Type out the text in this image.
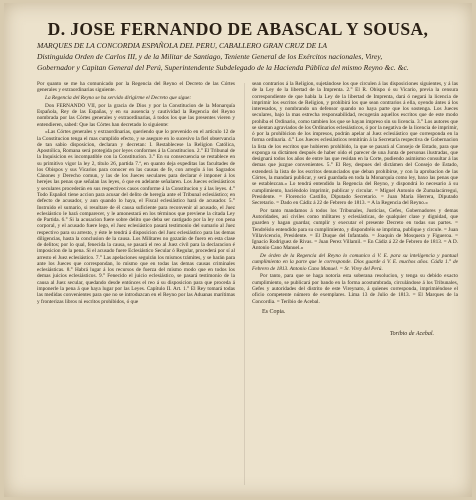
D. JOSE FERNANDO DE ABASCAL Y SOUSA,
MARQUES DE LA CONCORDIA ESPAÑOLA DEL PERU, CABALLERO GRAN CRUZ DE LA
Distinguida Orden de Carlos III, y de la Militar de Santiago, Teniente General de los Exércitos nacionales, Virey,
Gobernador y Capitan General del Perú, Superintendente Subdelegado de la Hacienda Pública del mismo Reyno &c. &c.

Por quanto se me ha comunicado por la Regencia del Reyno el Decreto de las Córtes generales y extraordinarias siguiente.

La Regencia del Reyno se ha servido dirigirme el Decreto que sigue:

Don FERNANDO VII, por la gracia de Dios y por la Constitucion de la Monarquía Española, Rey de las Españas, y en su ausencia y cautividad la Regencia del Reyno nombrada por las Córtes generales y extraordinarias, á todos los que las presentes vieren y entendieren, sabed: Que las Córtes han decretado lo siguiente:

«Las Córtes generales y extraordinarias, queriendo que lo prevenido en el artículo 12 de la Constitucion tenga el mas cumplido efecto, y se asegure en lo sucesivo la fiel observancia de tan sabio disposicion, declaran y decretan: I. Restablecese la Religion Católica, Apostólica, Romana será protegida por leyes conformes á la Constitucion. 2.° El Tribunal de la Inquisicion es incompatible con la Constitucion. 3.° En su consecuencia se restablece en su primitivo vigor la ley 2, título 26, partida 7.ª, en quanto deja expeditas las facultades de los Obispos y sus Vicarios para conocer en las causas de fe, con arreglo á los Sagrados Cánones y Derecho comun, y las de los Jueces seculares para declarar é imponer á los herejes las penas que señalan las leyes, ó que en adelante señalaren. Los Jueces eclesiásticos y seculares procederán en sus respectivos casos conforme á la Constitucion y á las leyes. 4.° Todo Español tiene accion para acusar del delito de heregía ante el Tribunal eclesiástico; en defecto de acusador, y aun quando lo haya, el Fiscal eclesiástico hará de acusador. 5.° Instruido el sumario, si resultare de él causa suficiente para reconvenir al acusado, el Juez eclesiástico le hará comparecer, y le amonestará en los términos que previene la citada Ley de Partida. 6.° Si la acusacion fuere sobre delito que deba ser castigado por la ley con pena corporal, y el acusado fuere lego, el Juez eclesiástico pasará testimonio del sumario al Juez respectivo para su arresto, y éste le tendrá á disposicion del Juez eclesiástico para las demas diligencias, hasta la conclusion de la causa. Los Militares no gozarán de fuero en esta clase de delitos; por lo qual, fenecida la causa, se pasará el reo al Juez civil para la declaracion é imposicion de la pena. Si el acusado fuere Eclesiástico Secular ó Regular, procederá por sí al arresto el Juez eclesiástico. 7.° Las apelaciones seguirán los mismos trámites, y se harán para ante los Jueces que correspondan, lo mismo que en todas las demas causas criminales eclesiásticas. 8.° Habrá lugar á los recursos de fuerza del mismo modo que en todos los demas juicios eclesiásticos. 9.° Fenecido el juicio eclesiástico, se pasará testimonio de la causa al Juez secular, quedando desde entónces el reo á su disposicion para que proceda á imponerle la pena á que haya lugar por las Leyes. Capítulo II. Art. 1.° El Rey tomará todas las medidas convenientes para que no se introduzcan en el Reyno por las Aduanas marítimas y fronterizas libros ni escritos prohibidos, ó que

sean contrarios á la Religion, sujetándose los que circulen á las disposiciones siguientes, y á las de la Ley de la libertad de la Imprenta. 2.° El R. Obispo ó su Vicario, previa la censura correspondiente de que habla la Ley de la libertad de Imprenta, dará ó negará la licencia de imprimir los escritos de Religion, y prohibirá los que sean contrarios á ella, oyendo ántes á los interesados, y nombrando un defensor quando no haya parte que los sostenga. Los Jueces seculares, bajo la mas estrecha responsabilidad, recogerán aquellos escritos que de este modo prohíba el Ordinario, como tambien los que se hayan impreso sin su licencia. 3.° Los autores que se sientan agraviados de los Ordinarios eclesiásticos, ó por la negativa de la licencia de imprimir, ó por la prohibicion de los impresos, podrán apelar al Juez eclesiástico que corresponda en la forma ordinaria. 4.° Los Jueces eclesiásticos remitirán á la Secretaría respectiva de Gobernacion la lista de los escritos que hubieren prohibido, la que se pasará al Consejo de Estado, para que exponga su dictámen después de haber oido el parecer de una Junta de personas ilustradas, que designará todos los años de entre las que residan en la Corte, pudiendo asimismo consultar á las demas que juzgue convenientes. 5.° El Rey, despues del dictámen del Consejo de Estado, extenderá la lista de los escritos denunciados que deban prohibirse, y con la aprobacion de las Córtes, la mandará publicar, y será guardada en toda la Monarquía como ley, baxo las penas que se establezcan.» Lo tendrá entendido la Regencia del Reyno, y dispondrá lo necesario á su cumplimiento, haciéndolo imprimir, publicar y circular. = Miguel Antonio de Zumalacárregui, Presidente. = Florencio Castillo, Diputado Secretario. = Juan María Herrera, Diputado Secretario. = Dado en Cádiz á 22 de Febrero de 1813. = A la Regencia del Reyno.»

Por tanto mandamos á todos los Tribunales, Justicias, Gefes, Gobernadores y demas Autoridades, así civiles como militares y eclesiásticas, de qualquier clase y dignidad, que guarden y hagan guardar, cumplir y executar el presente Decreto en todas sus partes. = Tendréislo entendido para su cumplimiento, y dispondréis se imprima, publique y circule. = Juan Villavicencio, Presidente. = El Duque del Infantado. = Joaquin de Mosquera y Figueroa. = Ignacio Rodriguez de Rivas. = Juan Perez Villamil. = En Cádiz á 22 de Febrero de 1813. = A D. Antonio Cano Manuel.»

De órden de la Regencia del Reyno lo comunico á V. E. para su inteligencia y puntual cumplimiento en la parte que le corresponde. Dios guarde á V. E. muchos años. Cádiz 1.° de Febrero de 1813. Antonio Cano Manuel. = Sr. Virey del Perú.

Por tanto, para que se haga notoria esta soberana resolucion, y tenga su debido exacto cumplimiento, se publicará por bando en la forma acostumbrada, circulándose á los Tribunales, Gefes y autoridades del distrito de este Vireynato, á quienes corresponda, imprimiéndose el oficio competente número de exemplares. Lima 13 de Julio de 1813. = El Marques de la Concordia. = Teribio de Acebal.

Es Copia.

Toribio de Acebal.
